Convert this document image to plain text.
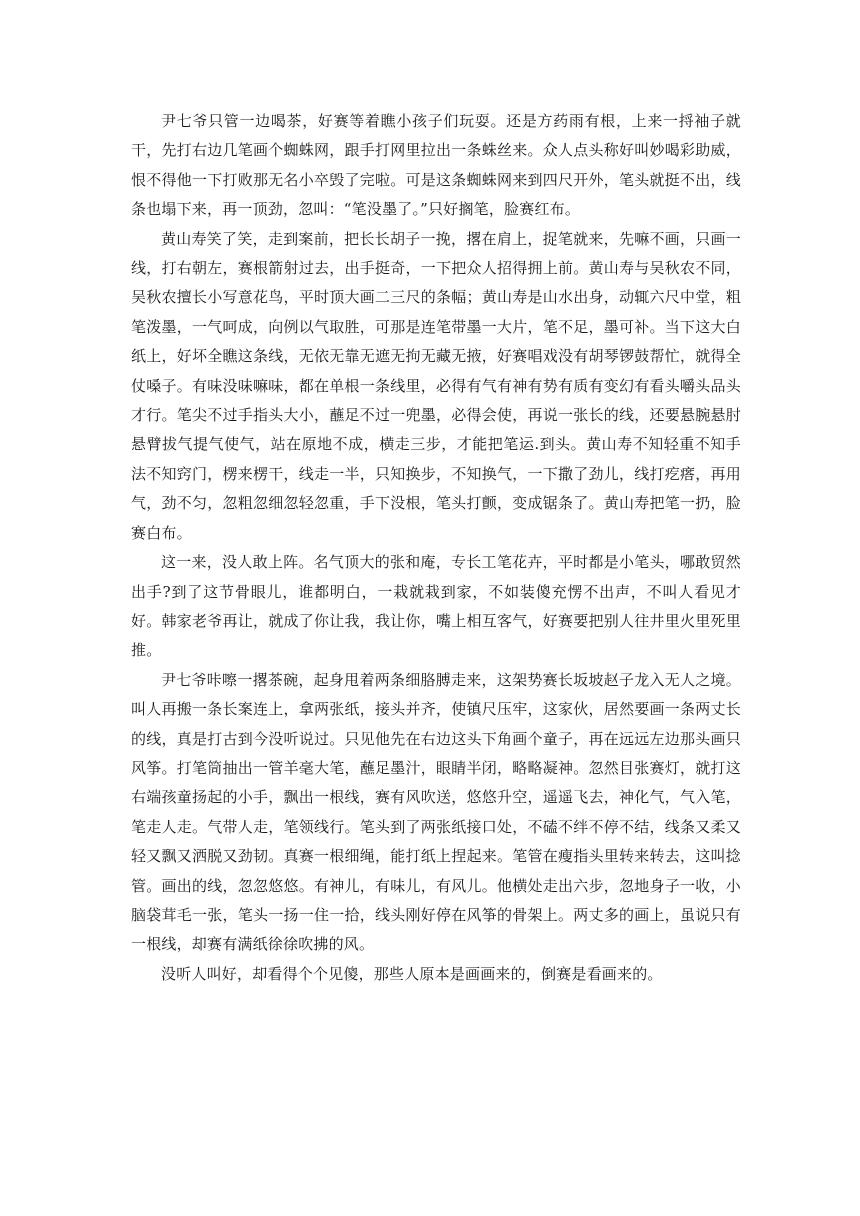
尹七爷只管一边喝茶，好赛等着瞧小孩子们玩耍。还是方药雨有根，上来一捋袖子就干，先打右边几笔画个蜘蛛网，跟手打网里拉出一条蛛丝来。众人点头称好叫妙喝彩助威，恨不得他一下打败那无名小卒毁了完啦。可是这条蜘蛛网来到四尺开外，笔头就挺不出，线条也塌下来，再一顶劲，忽叫：“笔没墨了。”只好搁笔，脸赛红布。

黄山寿笑了笑，走到案前，把长长胡子一挽，撂在肩上，捉笔就来，先嘛不画，只画一线，打右朝左，赛根箭射过去，出手挺奇，一下把众人招得拥上前。黄山寿与吴秋农不同，吴秋农擅长小写意花鸟，平时顶大画二三尺的条幅；黄山寿是山水出身，动辄六尺中堂，粗笔泼墨，一气呵成，向例以气取胜，可那是连笔带墨一大片，笔不足，墨可补。当下这大白纸上，好坏全瞧这条线，无依无靠无遮无拘无藏无掖，好赛唱戏没有胡琴锣鼓帮忙，就得全仗嗓子。有味没味嘛味，都在单根一条线里，必得有气有神有势有质有变幻有看头嚼头品头才行。笔尖不过手指头大小，蘸足不过一兜墨，必得会使，再说一张长的线，还要悬腕悬肘悬臂拔气提气使气，站在原地不成，横走三步，才能把笔运.到头。黄山寿不知轻重不知手法不知窍门，楞来楞干，线走一半，只知换步，不知换气，一下撒了劲儿，线打疙瘩，再用气，劲不匀，忽粗忽细忽轻忽重，手下没根，笔头打颤，变成锯条了。黄山寿把笔一扔，脸赛白布。

这一来，没人敢上阵。名气顶大的张和庵，专长工笔花卉，平时都是小笔头，哪敢贸然出手?到了这节骨眼儿，谁都明白，一栽就栽到家，不如装傻充愣不出声，不叫人看见才好。韩家老爷再让，就成了你让我，我让你，嘴上相互客气，好赛要把别人往井里火里死里推。

尹七爷咔嚓一撂茶碗，起身甩着两条细胳膊走来，这架势赛长坂坡赵子龙入无人之境。叫人再搬一条长案连上，拿两张纸，接头并齐，使镇尺压牢，这家伙，居然要画一条两丈长的线，真是打古到今没听说过。只见他先在右边这头下角画个童子，再在远远左边那头画只风筝。打笔筒抽出一管羊毫大笔，蘸足墨汁，眼睛半闭，略略凝神。忽然目张赛灯，就打这右端孩童扬起的小手，飘出一根线，赛有风吹送，悠悠升空，遥遥飞去，神化气，气入笔，笔走人走。气带人走，笔领线行。笔头到了两张纸接口处，不磕不绊不停不结，线条又柔又轻又飘又洒脱又劲韧。真赛一根细绳，能打纸上捏起来。笔管在瘦指头里转来转去，这叫捻管。画出的线，忽忽悠悠。有神儿，有味儿，有风儿。他横处走出六步，忽地身子一收，小脑袋茸毛一张，笔头一扬一住一拾，线头刚好停在风筝的骨架上。两丈多的画上，虽说只有一根线，却赛有满纸徐徐吹拂的风。

没听人叫好，却看得个个见傻，那些人原本是画画来的，倒赛是看画来的。
